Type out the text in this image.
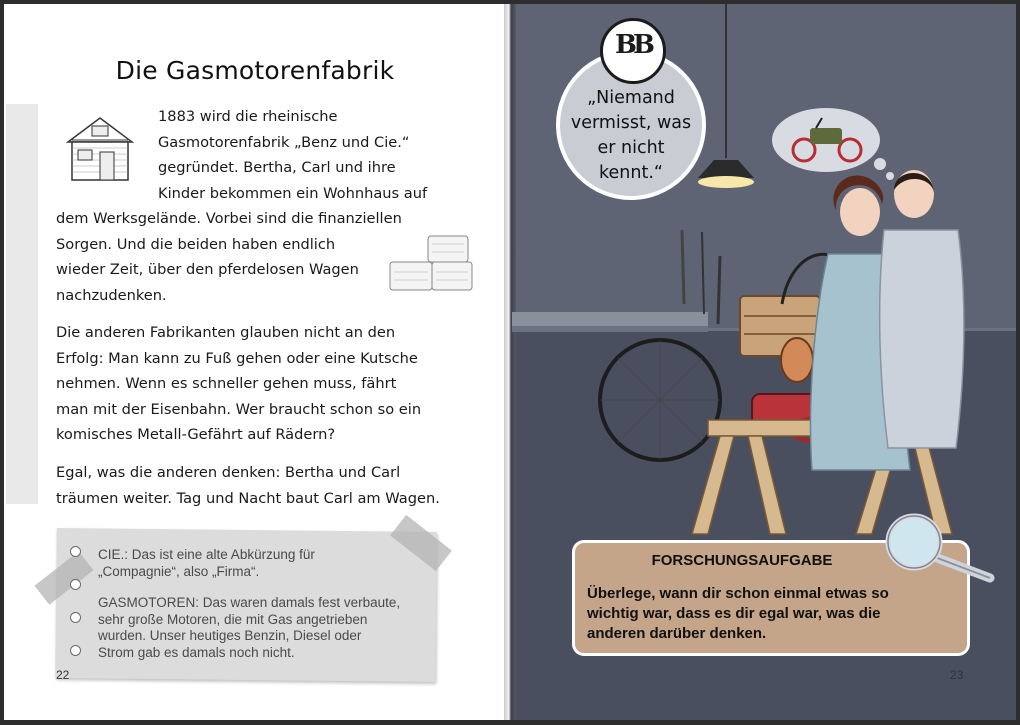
Die Gasmotorenfabrik
1883 wird die rheinische
Gasmotorenfabrik „Benz und Cie.“
gegründet. Bertha, Carl und ihre
Kinder bekommen ein Wohnhaus auf
dem Werksgelände. Vorbei sind die finanziellen
Sorgen. Und die beiden haben endlich
wieder Zeit, über den pferdelosen Wagen
nachzudenken.
Die anderen Fabrikanten glauben nicht an den
Erfolg: Man kann zu Fuß gehen oder eine Kutsche
nehmen. Wenn es schneller gehen muss, fährt
man mit der Eisenbahn. Wer braucht schon so ein
komisches Metall-Gefährt auf Rädern?
Egal, was die anderen denken: Bertha und Carl
träumen weiter. Tag und Nacht baut Carl am Wagen.
CIE.: Das ist eine alte Abkürzung für
„Compagnie“, also „Firma“.
GASMOTOREN: Das waren damals fest verbaute,
sehr große Motoren, die mit Gas angetrieben
wurden. Unser heutiges Benzin, Diesel oder
Strom gab es damals noch nicht.
22
„Niemand
vermisst, was
er nicht
kennt.“
BB
FORSCHUNGSAUFGABE
Überlege, wann dir schon einmal etwas so
wichtig war, dass es dir egal war, was die
anderen darüber denken.
23
